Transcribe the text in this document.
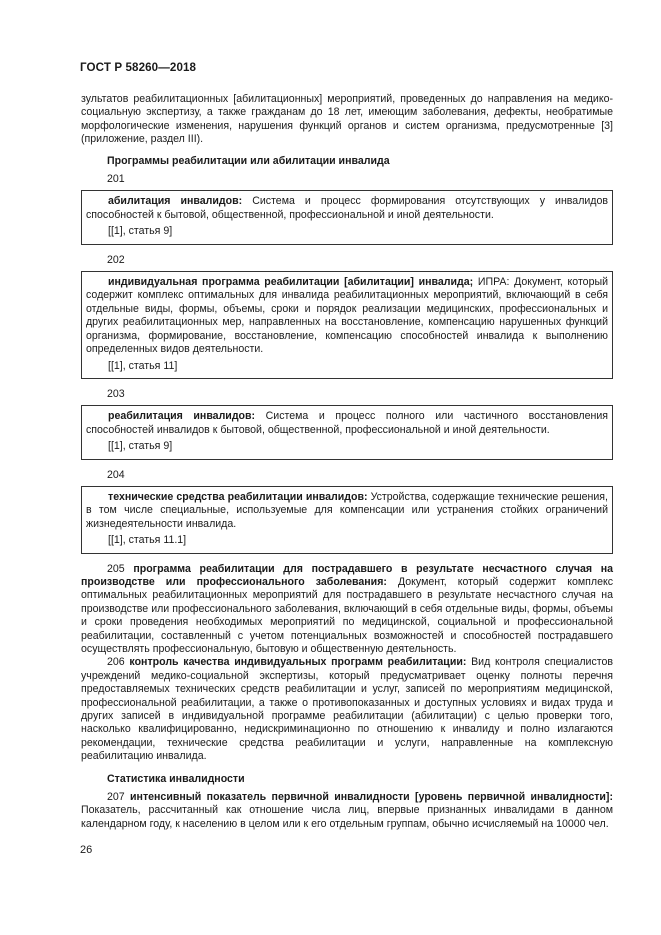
ГОСТ Р 58260—2018

зультатов реабилитационных [абилитационных] мероприятий, проведенных до направления на медико-социальную экспертизу, а также гражданам до 18 лет, имеющим заболевания, дефекты, необратимые морфологические изменения, нарушения функций органов и систем организма, предусмотренные [3] (приложение, раздел III).

Программы реабилитации или абилитации инвалида

201

абилитация инвалидов: Система и процесс формирования отсутствующих у инвалидов способностей к бытовой, общественной, профессиональной и иной деятельности.

[[1], статья 9]

202

индивидуальная программа реабилитации [абилитации] инвалида; ИПРА: Документ, который содержит комплекс оптимальных для инвалида реабилитационных мероприятий, включающий в себя отдельные виды, формы, объемы, сроки и порядок реализации медицинских, профессиональных и других реабилитационных мер, направленных на восстановление, компенсацию нарушенных функций организма, формирование, восстановление, компенсацию способностей инвалида к выполнению определенных видов деятельности.

[[1], статья 11]

203

реабилитация инвалидов: Система и процесс полного или частичного восстановления способностей инвалидов к бытовой, общественной, профессиональной и иной деятельности.

[[1], статья 9]

204

технические средства реабилитации инвалидов: Устройства, содержащие технические решения, в том числе специальные, используемые для компенсации или устранения стойких ограничений жизнедеятельности инвалида.

[[1], статья 11.1]

205 программа реабилитации для пострадавшего в результате несчастного случая на производстве или профессионального заболевания: Документ, который содержит комплекс оптимальных реабилитационных мероприятий для пострадавшего в результате несчастного случая на производстве или профессионального заболевания, включающий в себя отдельные виды, формы, объемы и сроки проведения необходимых мероприятий по медицинской, социальной и профессиональной реабилитации, составленный с учетом потенциальных возможностей и способностей пострадавшего осуществлять профессиональную, бытовую и общественную деятельность.

206 контроль качества индивидуальных программ реабилитации: Вид контроля специалистов учреждений медико-социальной экспертизы, который предусматривает оценку полноты перечня предоставляемых технических средств реабилитации и услуг, записей по мероприятиям медицинской, профессиональной реабилитации, а также о противопоказанных и доступных условиях и видах труда и других записей в индивидуальной программе реабилитации (абилитации) с целью проверки того, насколько квалифицированно, недискриминационно по отношению к инвалиду и полно излагаются рекомендации, технические средства реабилитации и услуги, направленные на комплексную реабилитацию инвалида.

Статистика инвалидности

207 интенсивный показатель первичной инвалидности [уровень первичной инвалидности]: Показатель, рассчитанный как отношение числа лиц, впервые признанных инвалидами в данном календарном году, к населению в целом или к его отдельным группам, обычно исчисляемый на 10000 чел.

26
